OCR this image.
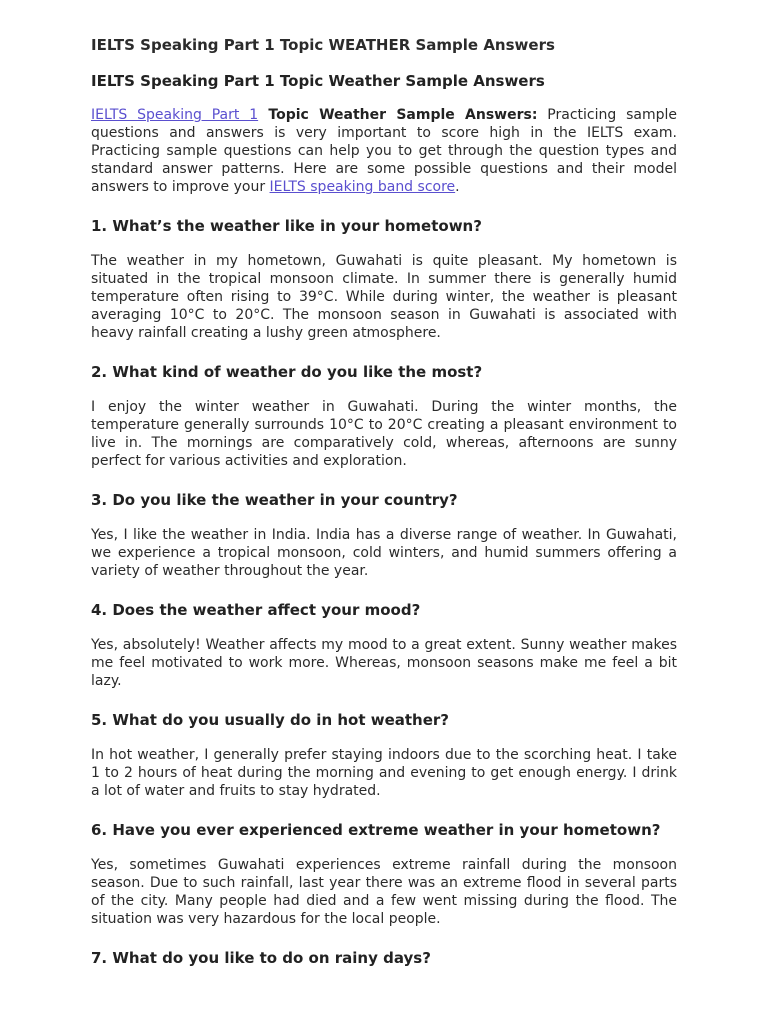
IELTS Speaking Part 1 Topic WEATHER Sample Answers

IELTS Speaking Part 1 Topic Weather Sample Answers

IELTS Speaking Part 1 Topic Weather Sample Answers: Practicing sample questions and answers is very important to score high in the IELTS exam. Practicing sample questions can help you to get through the question types and standard answer patterns. Here are some possible questions and their model answers to improve your IELTS speaking band score.

1. What’s the weather like in your hometown?

The weather in my hometown, Guwahati is quite pleasant. My hometown is situated in the tropical monsoon climate. In summer there is generally humid temperature often rising to 39°C. While during winter, the weather is pleasant averaging 10°C to 20°C. The monsoon season in Guwahati is associated with heavy rainfall creating a lushy green atmosphere.

2. What kind of weather do you like the most?

I enjoy the winter weather in Guwahati. During the winter months, the temperature generally surrounds 10°C to 20°C creating a pleasant environment to live in. The mornings are comparatively cold, whereas, afternoons are sunny perfect for various activities and exploration.

3. Do you like the weather in your country?

Yes, I like the weather in India. India has a diverse range of weather. In Guwahati, we experience a tropical monsoon, cold winters, and humid summers offering a variety of weather throughout the year.

4. Does the weather affect your mood?

Yes, absolutely! Weather affects my mood to a great extent. Sunny weather makes me feel motivated to work more. Whereas, monsoon seasons make me feel a bit lazy.

5. What do you usually do in hot weather?

In hot weather, I generally prefer staying indoors due to the scorching heat. I take 1 to 2 hours of heat during the morning and evening to get enough energy. I drink a lot of water and fruits to stay hydrated.

6. Have you ever experienced extreme weather in your hometown?

Yes, sometimes Guwahati experiences extreme rainfall during the monsoon season. Due to such rainfall, last year there was an extreme flood in several parts of the city. Many people had died and a few went missing during the flood. The situation was very hazardous for the local people.

7. What do you like to do on rainy days?
